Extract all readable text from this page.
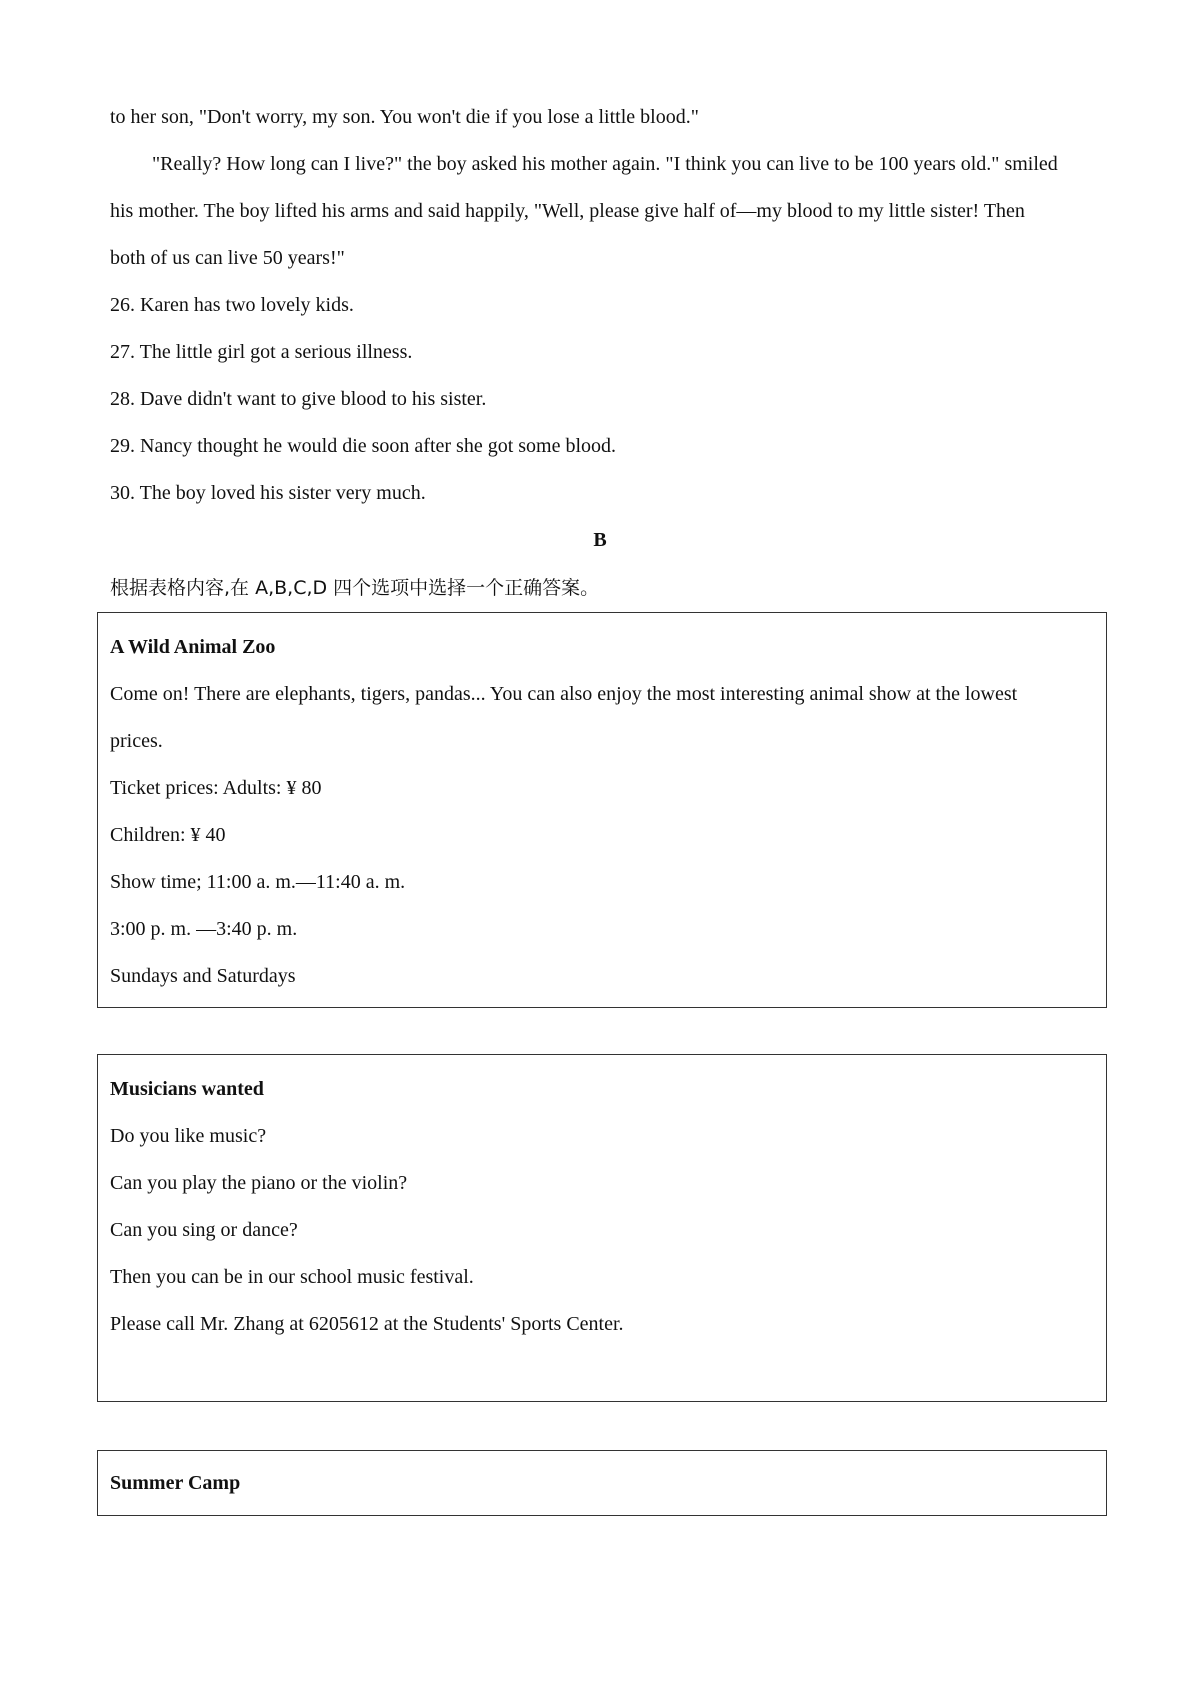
to her son, "Don't worry, my son. You won't die if you lose a little blood."
"Really? How long can I live?" the boy asked his mother again. "I think you can live to be 100 years old." smiled
his mother. The boy lifted his arms and said happily, "Well, please give half of—my blood to my little sister! Then
both of us can live 50 years!"
26. Karen has two lovely kids.
27. The little girl got a serious illness.
28. Dave didn't want to give blood to his sister.
29. Nancy thought he would die soon after she got some blood.
30. The boy loved his sister very much.
B
根据表格内容,在 A,B,C,D 四个选项中选择一个正确答案。
A Wild Animal Zoo
Come on! There are elephants, tigers, pandas... You can also enjoy the most interesting animal show at the lowest
prices.
Ticket prices: Adults: ¥ 80
Children: ¥ 40
Show time; 11:00 a. m.—11:40 a. m.
3:00 p. m. —3:40 p. m.
Sundays and Saturdays
Musicians wanted
Do you like music?
Can you play the piano or the violin?
Can you sing or dance?
Then you can be in our school music festival.
Please call Mr. Zhang at 6205612 at the Students' Sports Center.
Summer Camp
